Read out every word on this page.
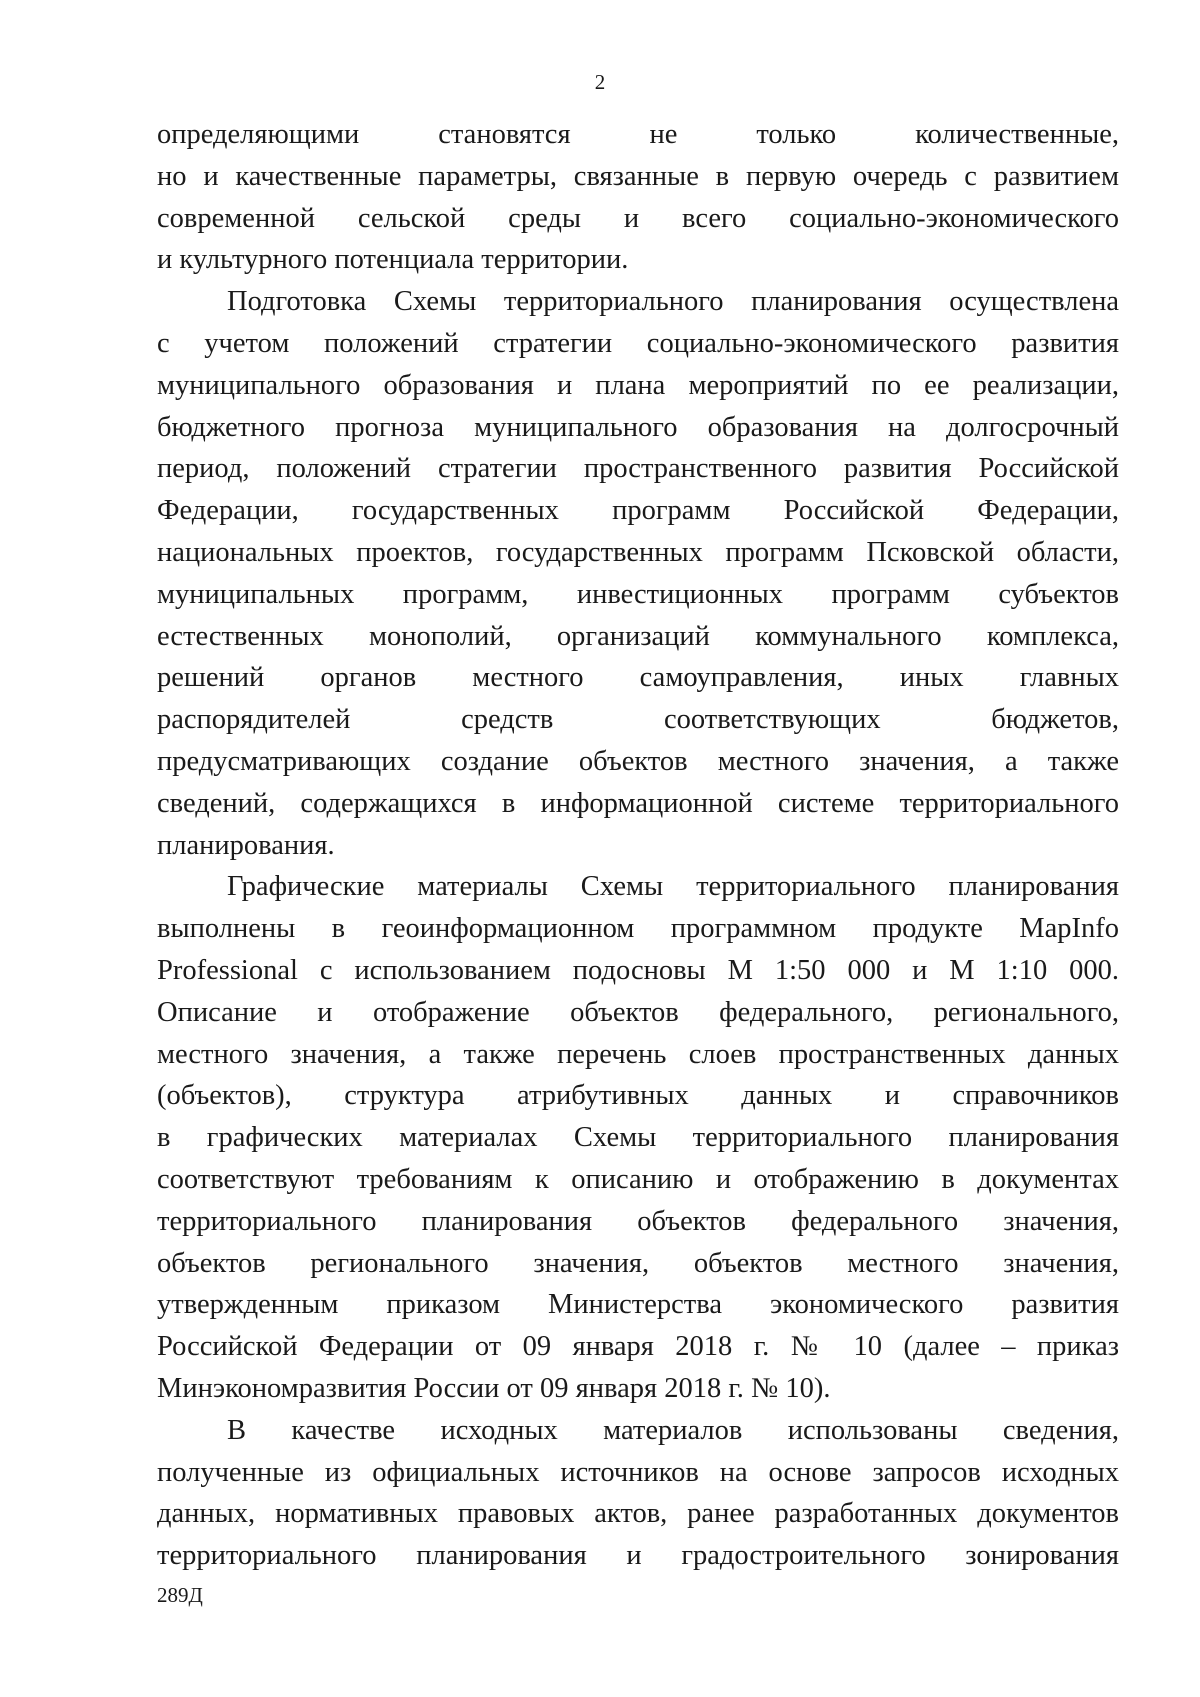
2
определяющими становятся не только количественные,
но и качественные параметры, связанные в первую очередь с развитием
современной сельской среды и всего социально-экономического
и культурного потенциала территории.
Подготовка Схемы территориального планирования осуществлена
с учетом положений стратегии социально-экономического развития
муниципального образования и плана мероприятий по ее реализации,
бюджетного прогноза муниципального образования на долгосрочный
период, положений стратегии пространственного развития Российской
Федерации, государственных программ Российской Федерации,
национальных проектов, государственных программ Псковской области,
муниципальных программ, инвестиционных программ субъектов
естественных монополий, организаций коммунального комплекса,
решений органов местного самоуправления, иных главных
распорядителей средств соответствующих бюджетов,
предусматривающих создание объектов местного значения, а также
сведений, содержащихся в информационной системе территориального
планирования.
Графические материалы Схемы территориального планирования
выполнены в геоинформационном программном продукте MapInfo
Professional с использованием подосновы М 1:50 000 и М 1:10 000.
Описание и отображение объектов федерального, регионального,
местного значения, а также перечень слоев пространственных данных
(объектов), структура атрибутивных данных и справочников
в графических материалах Схемы территориального планирования
соответствуют требованиям к описанию и отображению в документах
территориального планирования объектов федерального значения,
объектов регионального значения, объектов местного значения,
утвержденным приказом Министерства экономического развития
Российской Федерации от 09 января 2018 г. № 10 (далее – приказ
Минэкономразвития России от 09 января 2018 г. № 10).
В качестве исходных материалов использованы сведения,
полученные из официальных источников на основе запросов исходных
данных, нормативных правовых актов, ранее разработанных документов
территориального планирования и градостроительного зонирования
289Д
